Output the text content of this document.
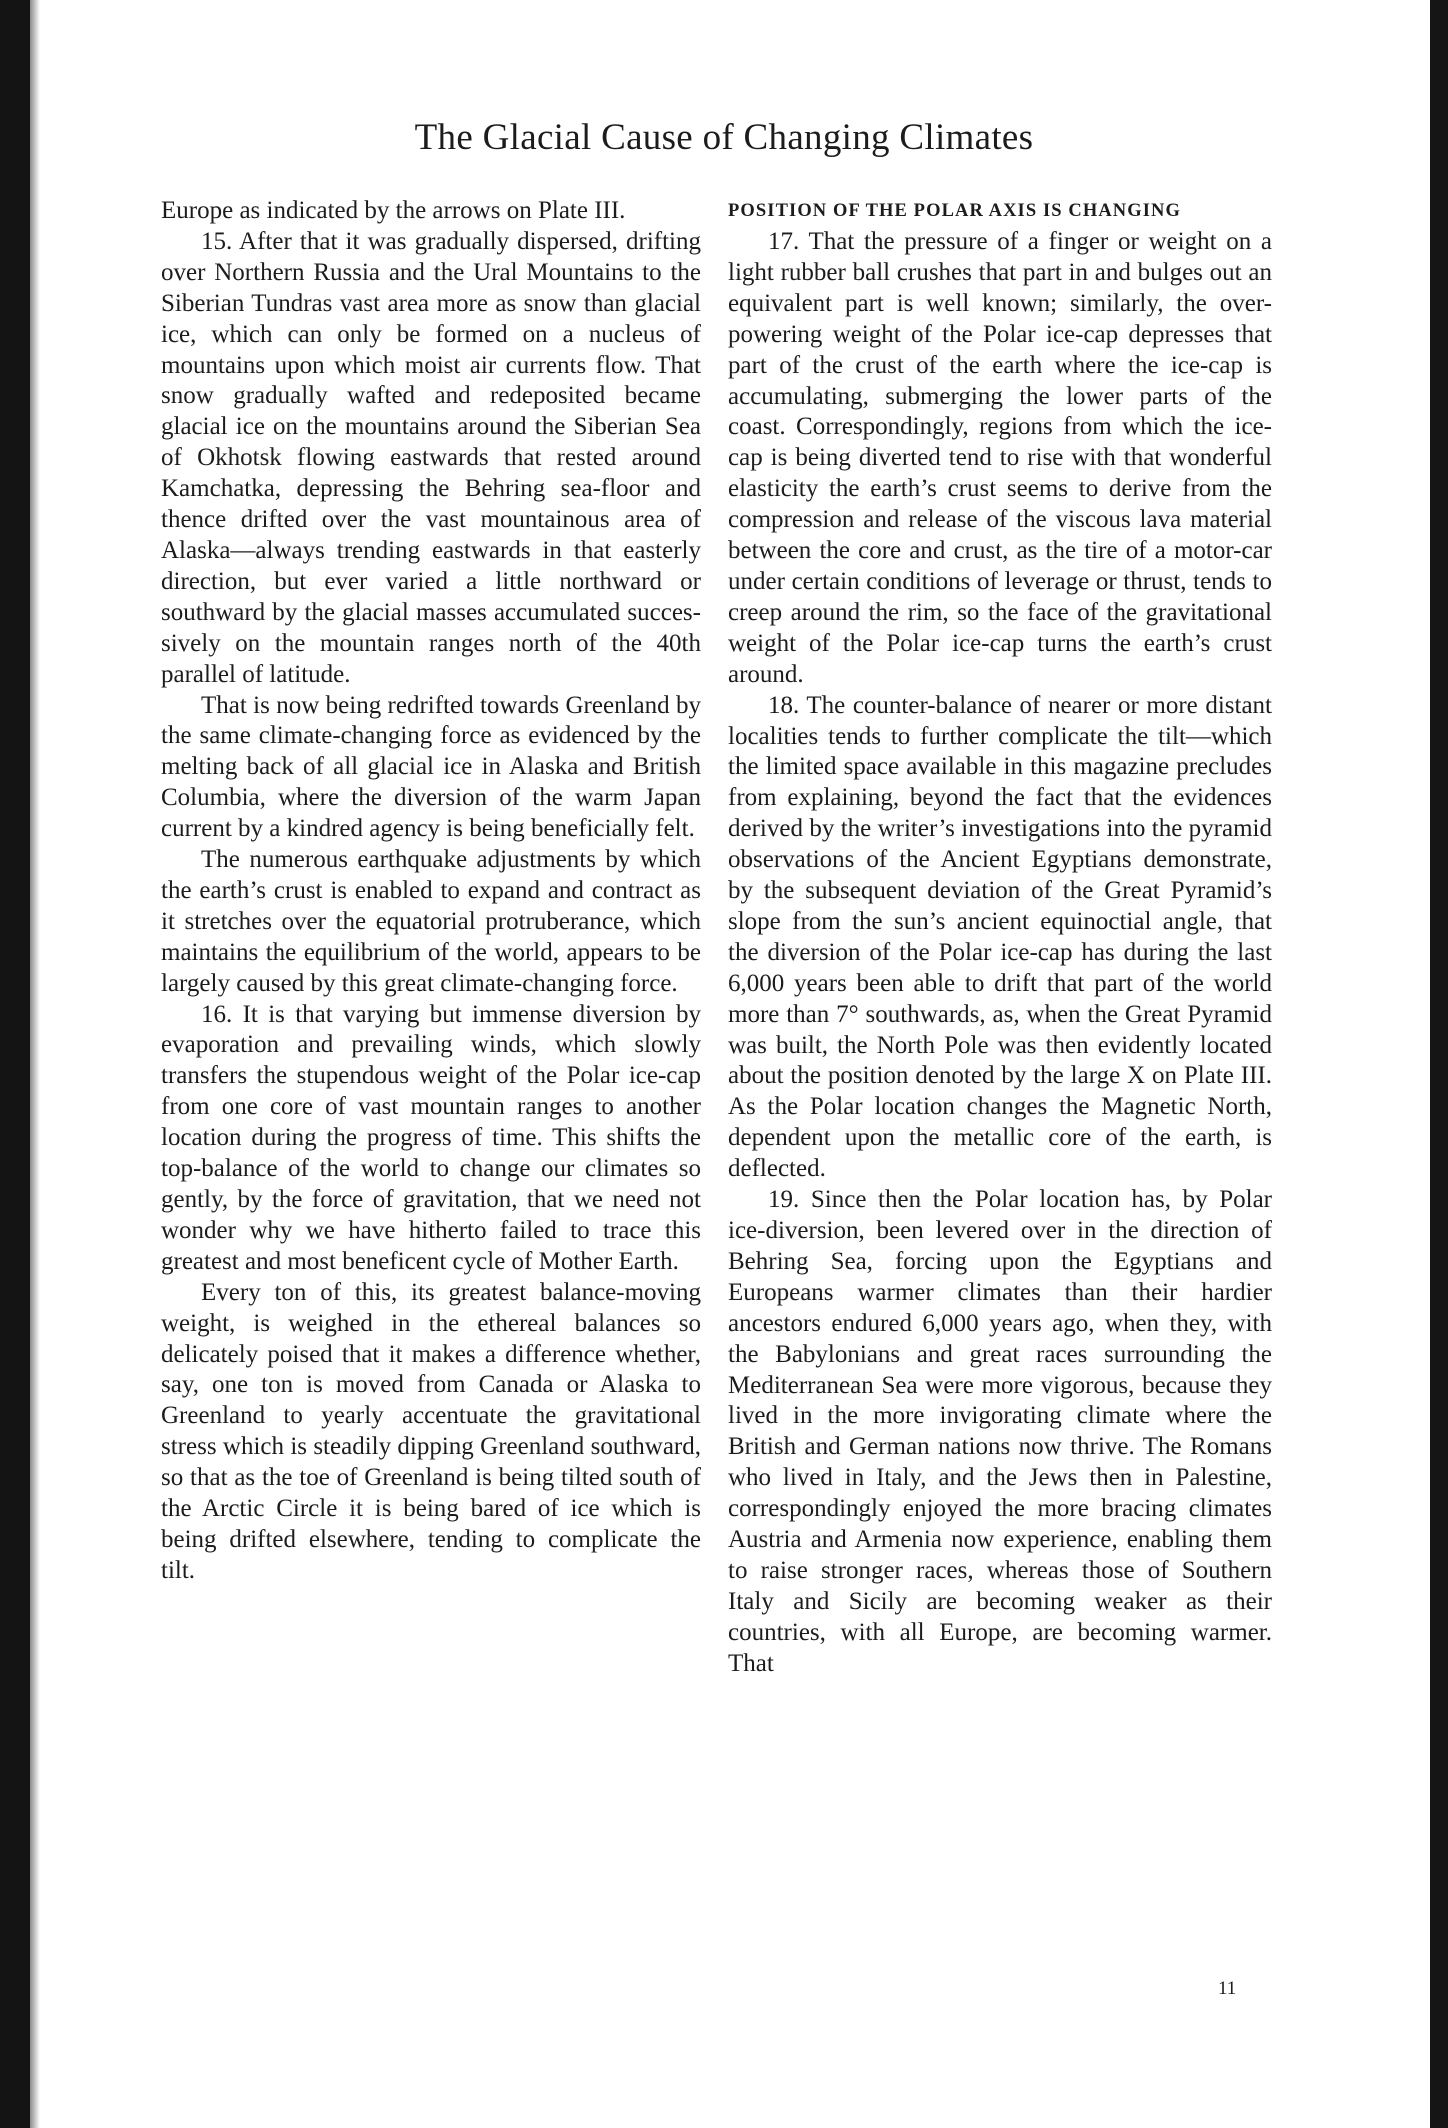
The Glacial Cause of Changing Climates

Europe as indicated by the arrows on Plate III.

15. After that it was gradually dispersed, drifting over Northern Russia and the Ural Mountains to the Siberian Tundras vast area more as snow than glacial ice, which can only be formed on a nucleus of mountains upon which moist air currents flow. That snow gradually wafted and redeposited became glacial ice on the mountains around the Siberian Sea of Okhotsk flowing eastwards that rested around Kamchatka, depressing the Behring sea-floor and thence drifted over the vast mountainous area of Alaska—always trending eastwards in that easterly direction, but ever varied a little northward or southward by the glacial masses accumulated successively on the mountain ranges north of the 40th parallel of latitude.

That is now being redrifted towards Greenland by the same climate-changing force as evidenced by the melting back of all glacial ice in Alaska and British Columbia, where the diversion of the warm Japan current by a kindred agency is being beneficially felt.

The numerous earthquake adjustments by which the earth’s crust is enabled to expand and contract as it stretches over the equatorial protruberance, which maintains the equilibrium of the world, appears to be largely caused by this great climate-changing force.

16. It is that varying but immense diversion by evaporation and prevailing winds, which slowly transfers the stupendous weight of the Polar ice-cap from one core of vast mountain ranges to another location during the progress of time. This shifts the top-balance of the world to change our climates so gently, by the force of gravitation, that we need not wonder why we have hitherto failed to trace this greatest and most beneficent cycle of Mother Earth.

Every ton of this, its greatest balance-moving weight, is weighed in the ethereal balances so delicately poised that it makes a difference whether, say, one ton is moved from Canada or Alaska to Greenland to yearly accentuate the gravitational stress which is steadily dipping Greenland southward, so that as the toe of Greenland is being tilted south of the Arctic Circle it is being bared of ice which is being drifted elsewhere, tending to complicate the tilt.

POSITION OF THE POLAR AXIS IS CHANGING

17. That the pressure of a finger or weight on a light rubber ball crushes that part in and bulges out an equivalent part is well known; similarly, the over-powering weight of the Polar ice-cap depresses that part of the crust of the earth where the ice-cap is accumulating, submerging the lower parts of the coast. Correspondingly, regions from which the ice-cap is being diverted tend to rise with that wonderful elasticity the earth’s crust seems to derive from the compression and release of the viscous lava material between the core and crust, as the tire of a motor-car under certain conditions of leverage or thrust, tends to creep around the rim, so the face of the gravitational weight of the Polar ice-cap turns the earth’s crust around.

18. The counter-balance of nearer or more distant localities tends to further complicate the tilt—which the limited space available in this magazine precludes from explaining, beyond the fact that the evidences derived by the writer’s investigations into the pyramid observations of the Ancient Egyptians demonstrate, by the subsequent deviation of the Great Pyramid’s slope from the sun’s ancient equinoctial angle, that the diversion of the Polar ice-cap has during the last 6,000 years been able to drift that part of the world more than 7° southwards, as, when the Great Pyramid was built, the North Pole was then evidently located about the position denoted by the large X on Plate III. As the Polar location changes the Magnetic North, dependent upon the metallic core of the earth, is deflected.

19. Since then the Polar location has, by Polar ice-diversion, been levered over in the direction of Behring Sea, forcing upon the Egyptians and Europeans warmer climates than their hardier ancestors endured 6,000 years ago, when they, with the Babylonians and great races surrounding the Mediterranean Sea were more vigorous, because they lived in the more invigorating climate where the British and German nations now thrive. The Romans who lived in Italy, and the Jews then in Palestine, correspondingly enjoyed the more bracing climates Austria and Armenia now experience, enabling them to raise stronger races, whereas those of Southern Italy and Sicily are becoming weaker as their countries, with all Europe, are becoming warmer. That

11
